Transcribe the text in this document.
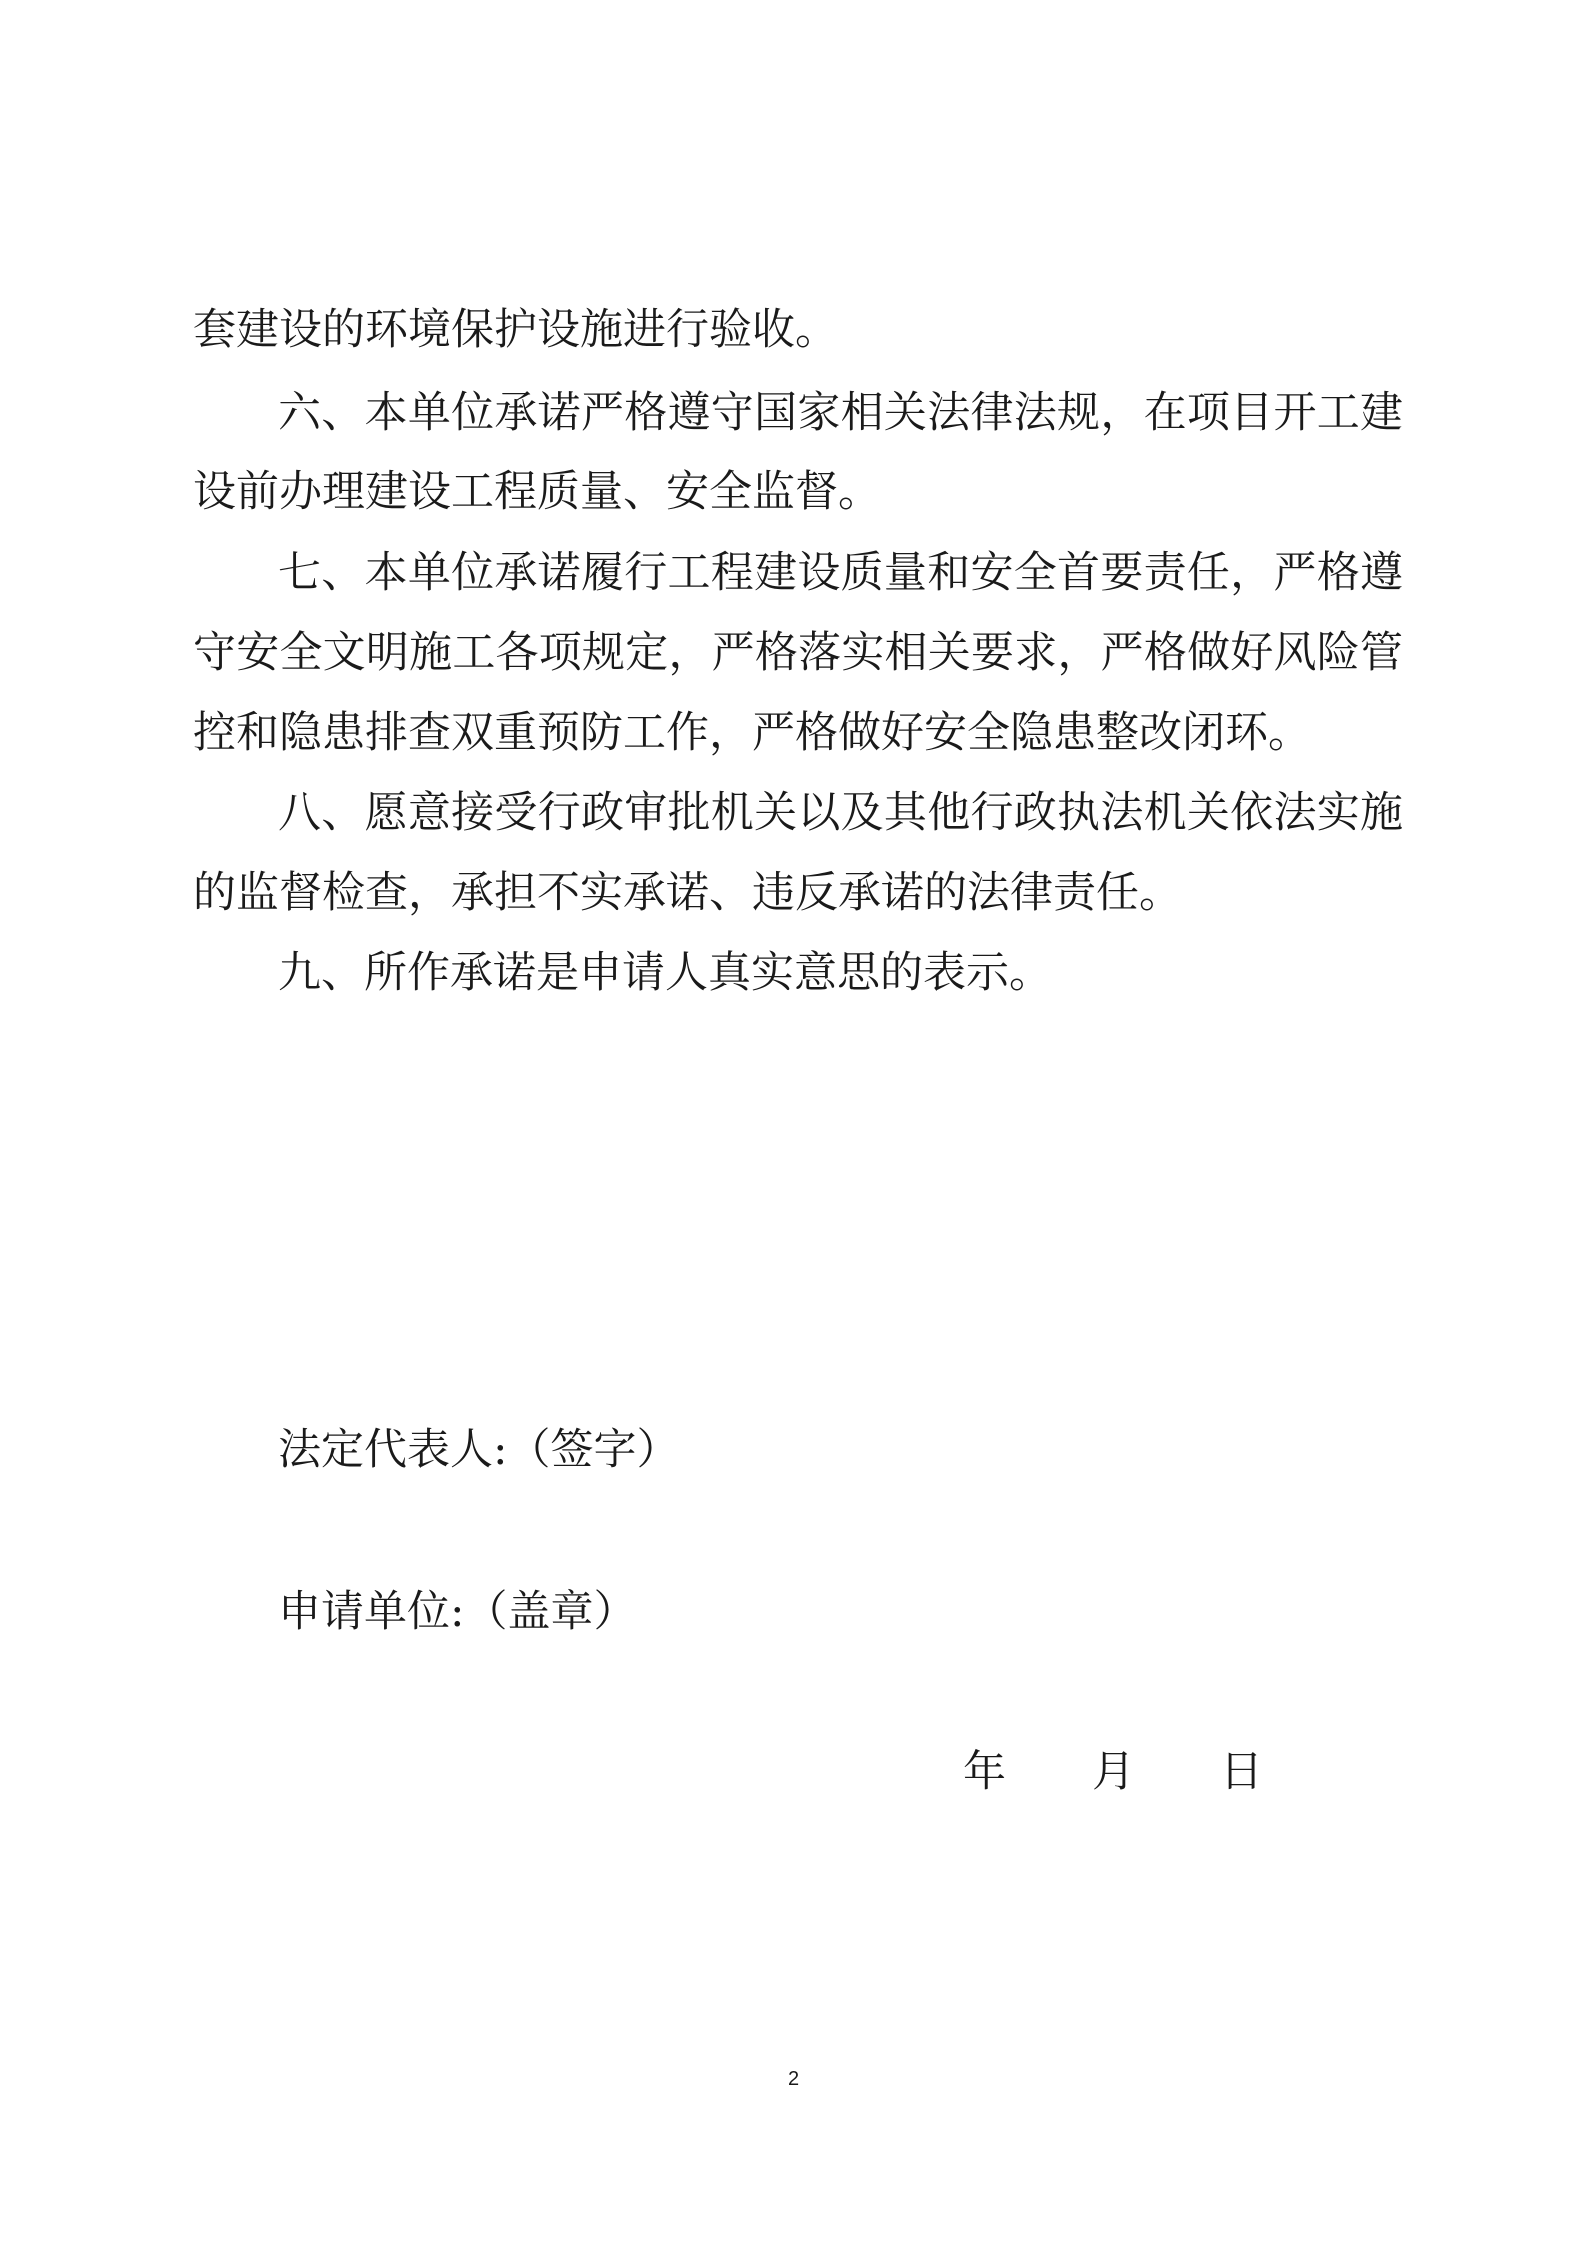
套建设的环境保护设施进行验收。
六、本单位承诺严格遵守国家相关法律法规，在项目开工建
设前办理建设工程质量、安全监督。
七、本单位承诺履行工程建设质量和安全首要责任，严格遵
守安全文明施工各项规定，严格落实相关要求，严格做好风险管
控和隐患排查双重预防工作，严格做好安全隐患整改闭环。
八、愿意接受行政审批机关以及其他行政执法机关依法实施
的监督检查，承担不实承诺、违反承诺的法律责任。
九、所作承诺是申请人真实意思的表示。
法定代表人:（签字）
申请单位:（盖章）
年 月 日
2
